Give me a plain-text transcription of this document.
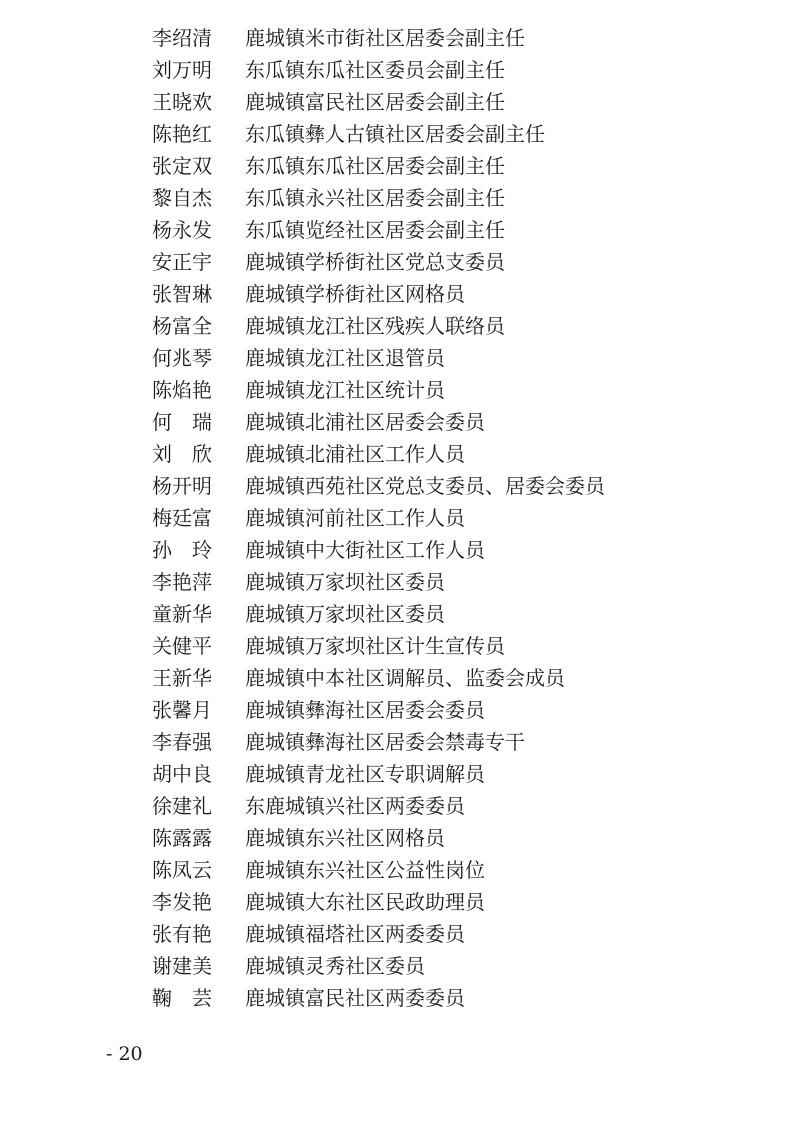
李绍清	鹿城镇米市街社区居委会副主任
刘万明	东瓜镇东瓜社区委员会副主任
王晓欢	鹿城镇富民社区居委会副主任
陈艳红	东瓜镇彝人古镇社区居委会副主任
张定双	东瓜镇东瓜社区居委会副主任
黎自杰	东瓜镇永兴社区居委会副主任
杨永发	东瓜镇览经社区居委会副主任
安正宇	鹿城镇学桥街社区党总支委员
张智琳	鹿城镇学桥街社区网格员
杨富全	鹿城镇龙江社区残疾人联络员
何兆琴	鹿城镇龙江社区退管员
陈焰艳	鹿城镇龙江社区统计员
何　瑞	鹿城镇北浦社区居委会委员
刘　欣	鹿城镇北浦社区工作人员
杨开明	鹿城镇西苑社区党总支委员、居委会委员
梅廷富	鹿城镇河前社区工作人员
孙　玲	鹿城镇中大街社区工作人员
李艳萍	鹿城镇万家坝社区委员
童新华	鹿城镇万家坝社区委员
关健平	鹿城镇万家坝社区计生宣传员
王新华	鹿城镇中本社区调解员、监委会成员
张馨月	鹿城镇彝海社区居委会委员
李春强	鹿城镇彝海社区居委会禁毒专干
胡中良	鹿城镇青龙社区专职调解员
徐建礼	东鹿城镇兴社区两委委员
陈露露	鹿城镇东兴社区网格员
陈凤云	鹿城镇东兴社区公益性岗位
李发艳	鹿城镇大东社区民政助理员
张有艳	鹿城镇福塔社区两委委员
谢建美	鹿城镇灵秀社区委员
鞠　芸	鹿城镇富民社区两委委员
- 20
